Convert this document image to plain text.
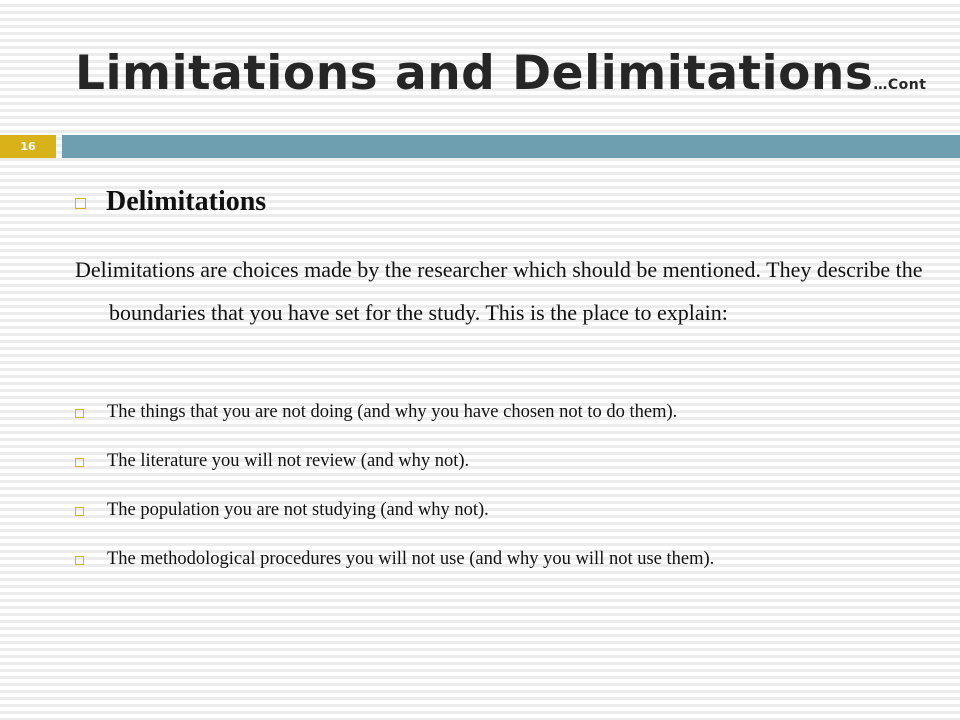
Limitations and Delimitations…Cont
16
Delimitations

Delimitations are choices made by the researcher which should be mentioned. They describe the boundaries that you have set for the study. This is the place to explain:

The things that you are not doing (and why you have chosen not to do them).
The literature you will not review (and why not).
The population you are not studying (and why not).
The methodological procedures you will not use (and why you will not use them).
